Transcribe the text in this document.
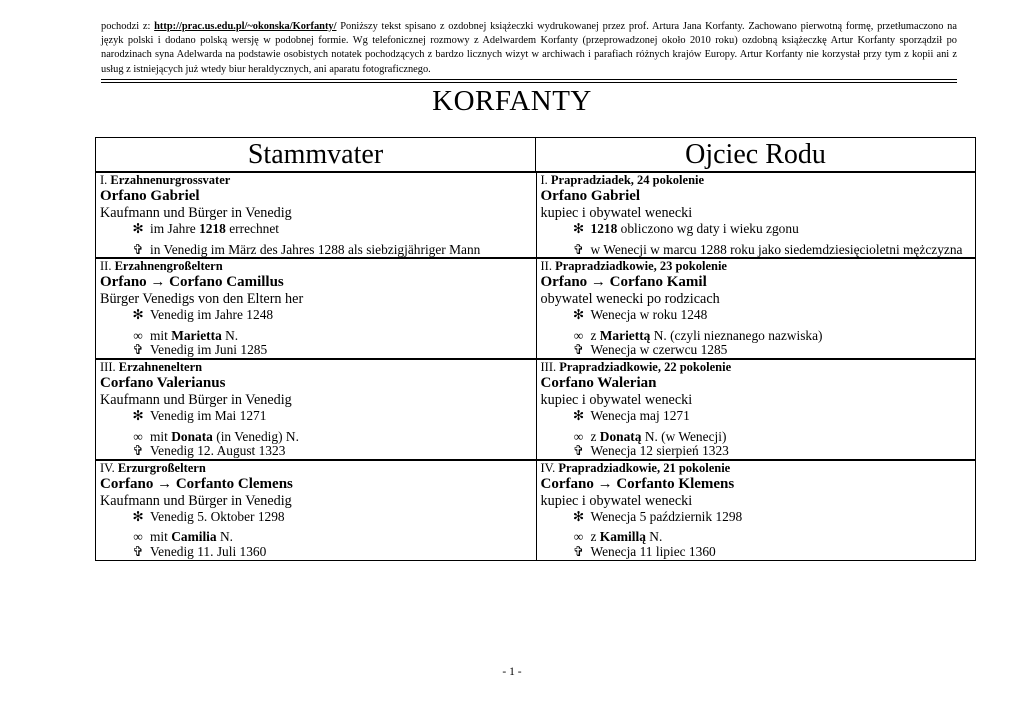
pochodzi z: http://prac.us.edu.pl/~okonska/Korfanty/ Poniższy tekst spisano z ozdobnej książeczki wydrukowanej przez prof. Artura Jana Korfanty. Zachowano pierwotną formę, przetłumaczono na język polski i dodano polską wersję w podobnej formie. Wg telefonicznej rozmowy z Adelwardem Korfanty (przeprowadzonej około 2010 roku) ozdobną książeczkę Artur Korfanty sporządził po narodzinach syna Adelwarda na podstawie osobistych notatek pochodzących z bardzo licznych wizyt w archiwach i parafiach różnych krajów Europy. Artur Korfanty nie korzystał przy tym z kopii ani z usług z istniejących już wtedy biur heraldycznych, ani aparatu fotograficznego.
KORFANTY
Stammvater	Ojciec Rodu
I. Erzahnenurgrossvater
Orfano Gabriel
Kaufmann und Bürger in Venedig
✻ im Jahre 1218 errechnet
✞ in Venedig im März des Jahres 1288 als siebzigjähriger Mann
I. Prapradziadek, 24 pokolenie
Orfano Gabriel
kupiec i obywatel wenecki
✻ 1218 obliczono wg daty i wieku zgonu
✞ w Wenecji w marcu 1288 roku jako siedemdziesięcioletni mężczyzna
II. Erzahnengroßeltern
Orfano → Corfano Camillus
Bürger Venedigs von den Eltern her
✻ Venedig im Jahre 1248
∞ mit Marietta N.
✞ Venedig im Juni 1285
II. Prapradziadkowie, 23 pokolenie
Orfano → Corfano Kamil
obywatel wenecki po rodzicach
✻ Wenecja w roku 1248
∞ z Mariettą N. (czyli nieznanego nazwiska)
✞ Wenecja w czerwcu 1285
III. Erzahneneltern
Corfano Valerianus
Kaufmann und Bürger in Venedig
✻ Venedig im Mai 1271
∞ mit Donata (in Venedig) N.
✞ Venedig 12. August 1323
III. Prapradziadkowie, 22 pokolenie
Corfano Walerian
kupiec i obywatel wenecki
✻ Wenecja maj 1271
∞ z Donatą N. (w Wenecji)
✞ Wenecja 12 sierpień 1323
IV. Erzurgroßeltern
Corfano → Corfanto Clemens
Kaufmann und Bürger in Venedig
✻ Venedig 5. Oktober 1298
∞ mit Camilia N.
✞ Venedig 11. Juli 1360
IV. Prapradziadkowie, 21 pokolenie
Corfano → Corfanto Klemens
kupiec i obywatel wenecki
✻ Wenecja 5 październik 1298
∞ z Kamillą N.
✞ Wenecja 11 lipiec 1360
- 1 -
